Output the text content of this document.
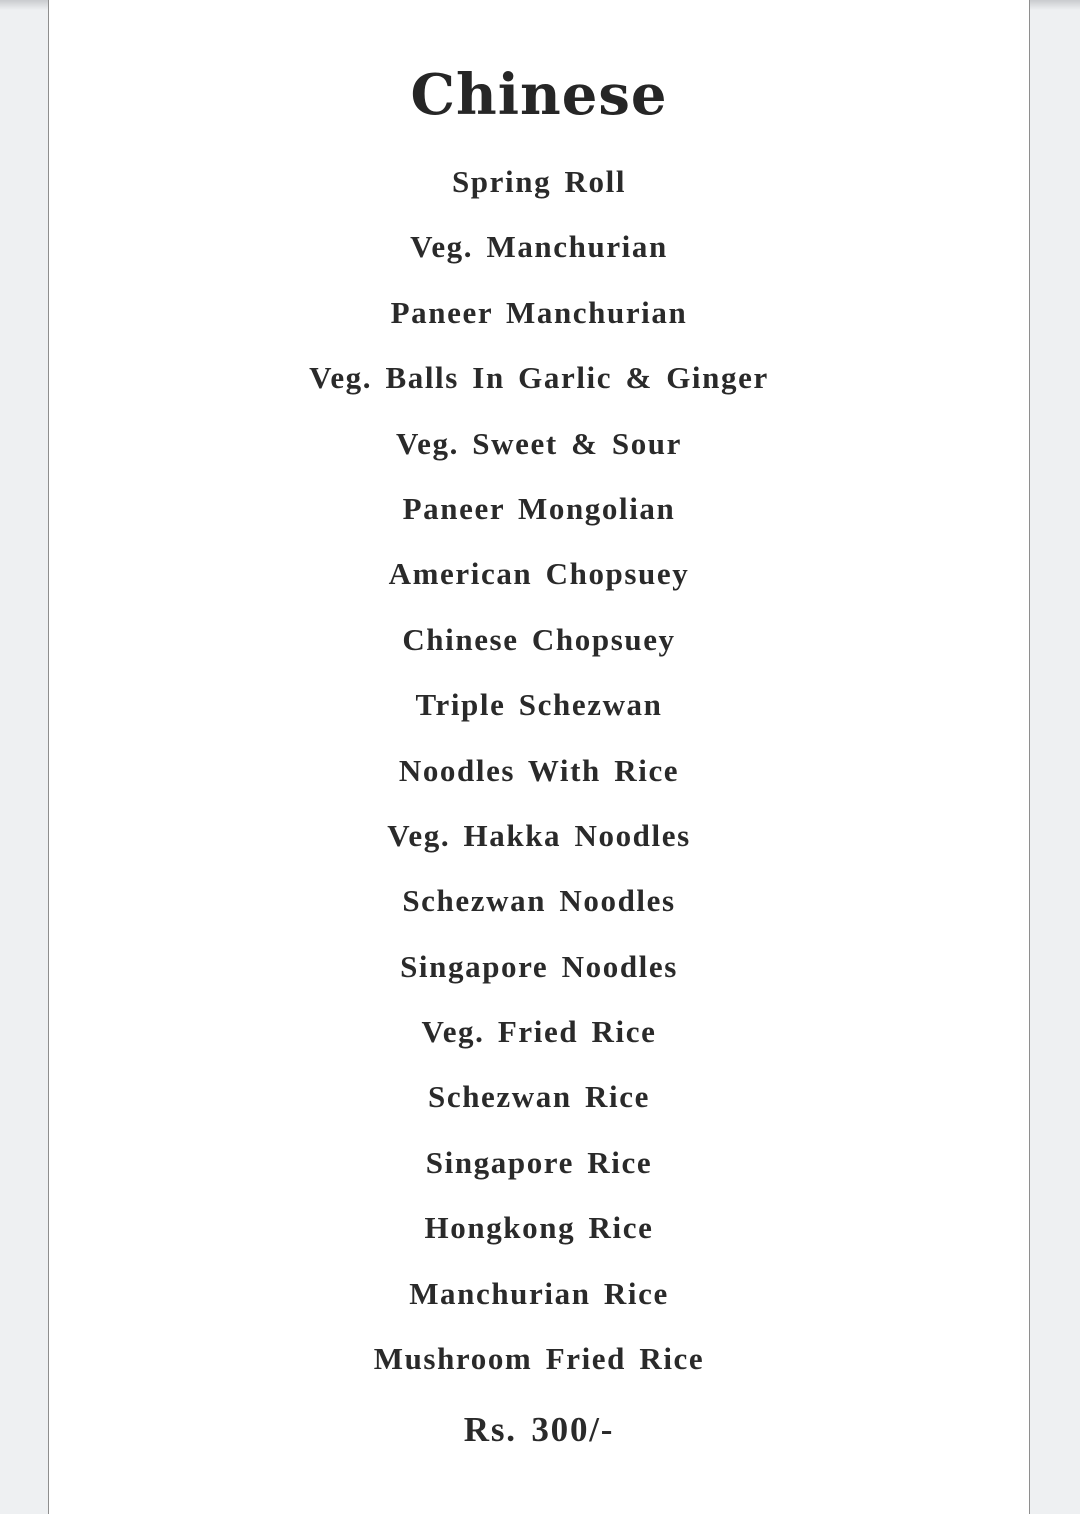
Chinese
Spring Roll
Veg. Manchurian
Paneer Manchurian
Veg. Balls In Garlic & Ginger
Veg. Sweet & Sour
Paneer Mongolian
American Chopsuey
Chinese Chopsuey
Triple Schezwan
Noodles With Rice
Veg. Hakka Noodles
Schezwan Noodles
Singapore Noodles
Veg. Fried Rice
Schezwan Rice
Singapore Rice
Hongkong Rice
Manchurian Rice
Mushroom Fried Rice
Rs. 300/-
